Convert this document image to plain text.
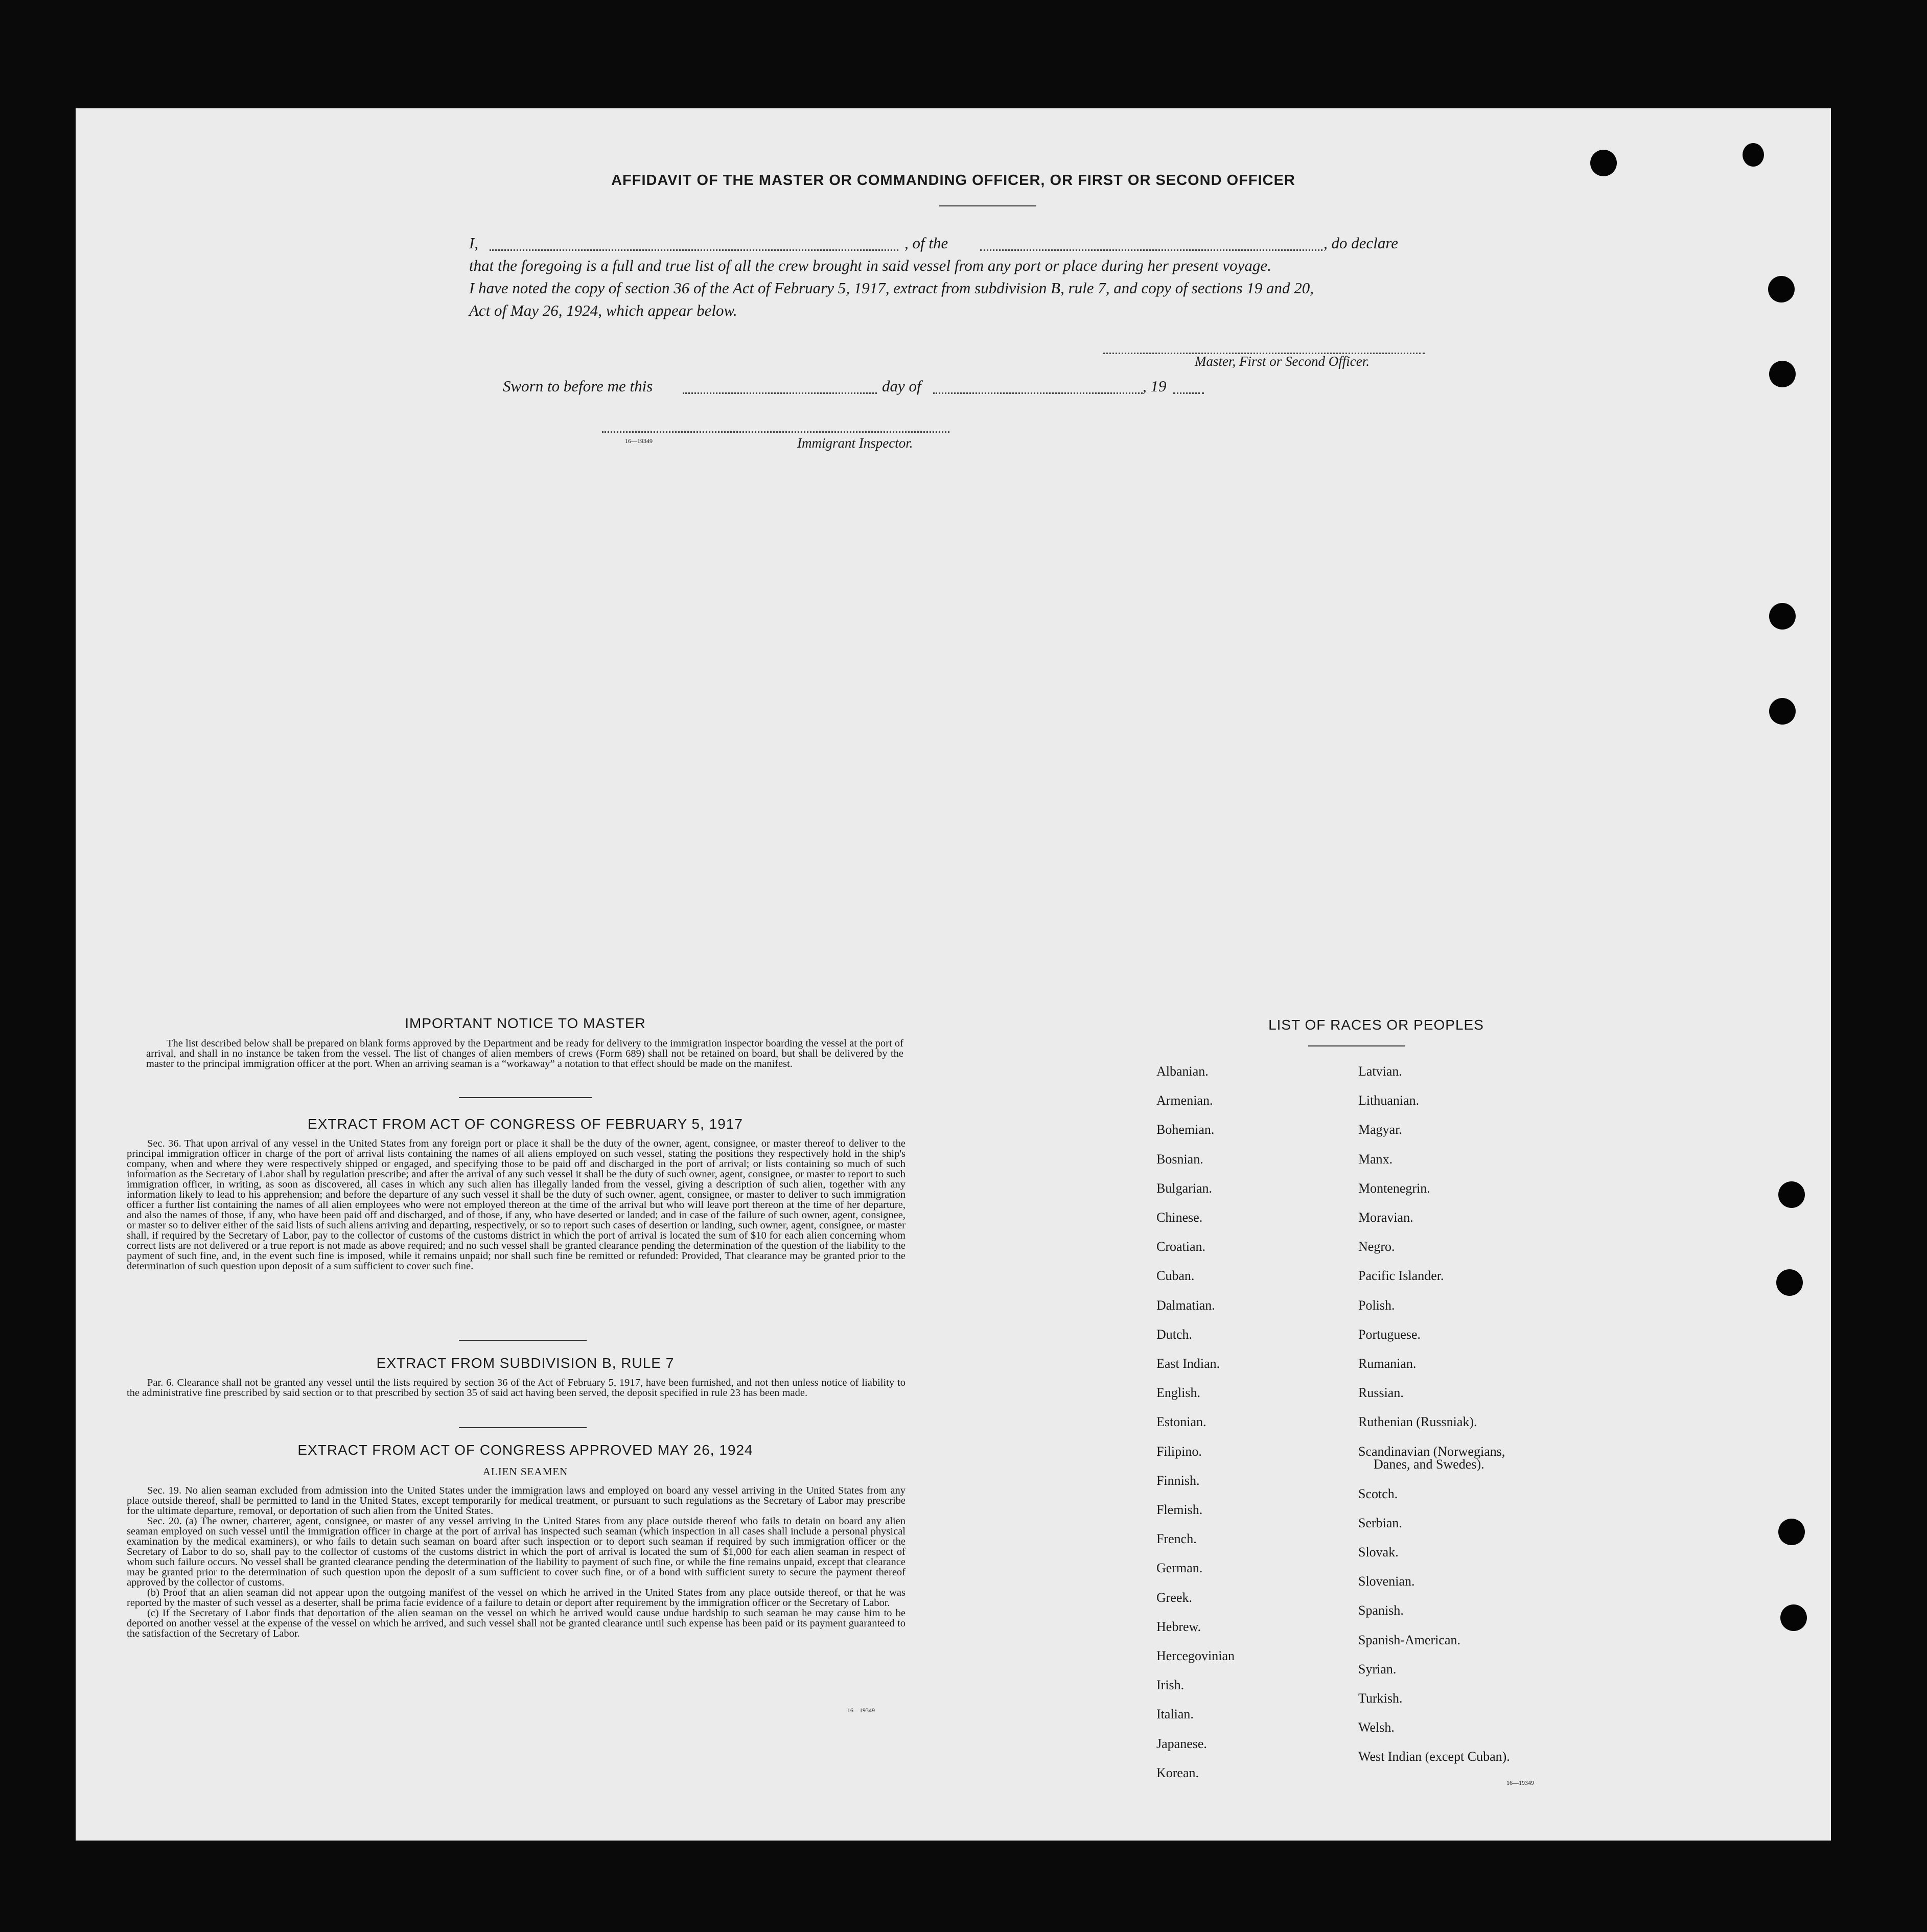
AFFIDAVIT OF THE MASTER OR COMMANDING OFFICER, OR FIRST OR SECOND OFFICER
I,	, of the	, do declare
that the foregoing is a full and true list of all the crew brought in said vessel from any port or place during her present voyage.
I have noted the copy of section 36 of the Act of February 5, 1917, extract from subdivision B, rule 7, and copy of sections 19 and 20,
Act of May 26, 1924, which appear below.
Master, First or Second Officer.
Sworn to before me this	day of	, 19
16—19349	Immigrant Inspector.
IMPORTANT NOTICE TO MASTER
The list described below shall be prepared on blank forms approved by the Department and be ready for delivery to the immigration inspector boarding the vessel at the port of arrival, and shall in no instance be taken from the vessel. The list of changes of alien members of crews (Form 689) shall not be retained on board, but shall be delivered by the master to the principal immigration officer at the port. When an arriving seaman is a “workaway” a notation to that effect should be made on the manifest.
EXTRACT FROM ACT OF CONGRESS OF FEBRUARY 5, 1917
Sec. 36. That upon arrival of any vessel in the United States from any foreign port or place it shall be the duty of the owner, agent, consignee, or master thereof to deliver to the principal immigration officer in charge of the port of arrival lists containing the names of all aliens employed on such vessel, stating the positions they respectively hold in the ship's company, when and where they were respectively shipped or engaged, and specifying those to be paid off and discharged in the port of arrival; or lists containing so much of such information as the Secretary of Labor shall by regulation prescribe; and after the arrival of any such vessel it shall be the duty of such owner, agent, consignee, or master to report to such immigration officer, in writing, as soon as discovered, all cases in which any such alien has illegally landed from the vessel, giving a description of such alien, together with any information likely to lead to his apprehension; and before the departure of any such vessel it shall be the duty of such owner, agent, consignee, or master to deliver to such immigration officer a further list containing the names of all alien employees who were not employed thereon at the time of the arrival but who will leave port thereon at the time of her departure, and also the names of those, if any, who have been paid off and discharged, and of those, if any, who have deserted or landed; and in case of the failure of such owner, agent, consignee, or master so to deliver either of the said lists of such aliens arriving and departing, respectively, or so to report such cases of desertion or landing, such owner, agent, consignee, or master shall, if required by the Secretary of Labor, pay to the collector of customs of the customs district in which the port of arrival is located the sum of $10 for each alien concerning whom correct lists are not delivered or a true report is not made as above required; and no such vessel shall be granted clearance pending the determination of the question of the liability to the payment of such fine, and, in the event such fine is imposed, while it remains unpaid; nor shall such fine be remitted or refunded: Provided, That clearance may be granted prior to the determination of such question upon deposit of a sum sufficient to cover such fine.
EXTRACT FROM SUBDIVISION B, RULE 7
Par. 6. Clearance shall not be granted any vessel until the lists required by section 36 of the Act of February 5, 1917, have been furnished, and not then unless notice of liability to the administrative fine prescribed by said section or to that prescribed by section 35 of said act having been served, the deposit specified in rule 23 has been made.
EXTRACT FROM ACT OF CONGRESS APPROVED MAY 26, 1924
ALIEN SEAMEN

Sec. 19. No alien seaman excluded from admission into the United States under the immigration laws and employed on board any vessel arriving in the United States from any place outside thereof, shall be permitted to land in the United States, except temporarily for medical treatment, or pursuant to such regulations as the Secretary of Labor may prescribe for the ultimate departure, removal, or deportation of such alien from the United States.

Sec. 20. (a) The owner, charterer, agent, consignee, or master of any vessel arriving in the United States from any place outside thereof who fails to detain on board any alien seaman employed on such vessel until the immigration officer in charge at the port of arrival has inspected such seaman (which inspection in all cases shall include a personal physical examination by the medical examiners), or who fails to detain such seaman on board after such inspection or to deport such seaman if required by such immigration officer or the Secretary of Labor to do so, shall pay to the collector of customs of the customs district in which the port of arrival is located the sum of $1,000 for each alien seaman in respect of whom such failure occurs. No vessel shall be granted clearance pending the determination of the liability to payment of such fine, or while the fine remains unpaid, except that clearance may be granted prior to the determination of such question upon the deposit of a sum sufficient to cover such fine, or of a bond with sufficient surety to secure the payment thereof approved by the collector of customs.

(b) Proof that an alien seaman did not appear upon the outgoing manifest of the vessel on which he arrived in the United States from any place outside thereof, or that he was reported by the master of such vessel as a deserter, shall be prima facie evidence of a failure to detain or deport after requirement by the immigration officer or the Secretary of Labor.

(c) If the Secretary of Labor finds that deportation of the alien seaman on the vessel on which he arrived would cause undue hardship to such seaman he may cause him to be deported on another vessel at the expense of the vessel on which he arrived, and such vessel shall not be granted clearance until such expense has been paid or its payment guaranteed to the satisfaction of the Secretary of Labor.

16—19349
LIST OF RACES OR PEOPLES
Albanian.
Armenian.
Bohemian.
Bosnian.
Bulgarian.
Chinese.
Croatian.
Cuban.
Dalmatian.
Dutch.
East Indian.
English.
Estonian.
Filipino.
Finnish.
Flemish.
French.
German.
Greek.
Hebrew.
Hercegovinian
Irish.
Italian.
Japanese.
Korean.
Latvian.
Lithuanian.
Magyar.
Manx.
Montenegrin.
Moravian.
Negro.
Pacific Islander.
Polish.
Portuguese.
Rumanian.
Russian.
Ruthenian (Russniak).
Scandinavian (Norwegians,
Danes, and Swedes).
Scotch.
Serbian.
Slovak.
Slovenian.
Spanish.
Spanish-American.
Syrian.
Turkish.
Welsh.
West Indian (except Cuban).
16—19349
